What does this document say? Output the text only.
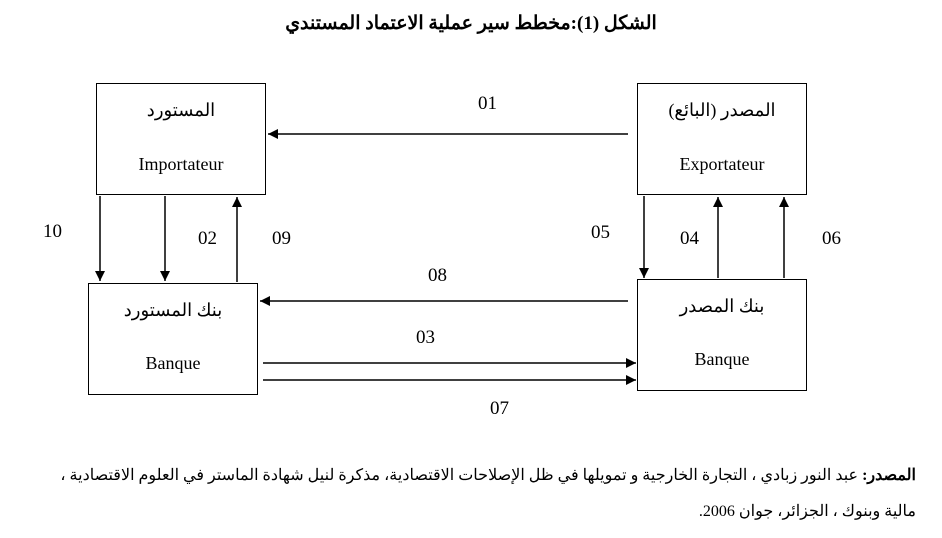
الشكل (1):مخطط سير عملية الاعتماد المستندي
المستورد
Importateur
المصدر (البائع)
Exportateur
بنك المستورد
Banque
بنك المصدر
Banque
01
10	02	09	05	04	06
08
03
07
المصدر: عبد النور زبادي ، التجارة الخارجية و تمويلها في ظل الإصلاحات الاقتصادية، مذكرة لنيل شهادة الماستر في العلوم الاقتصادية ، مالية وبنوك ، الجزائر، جوان 2006.
